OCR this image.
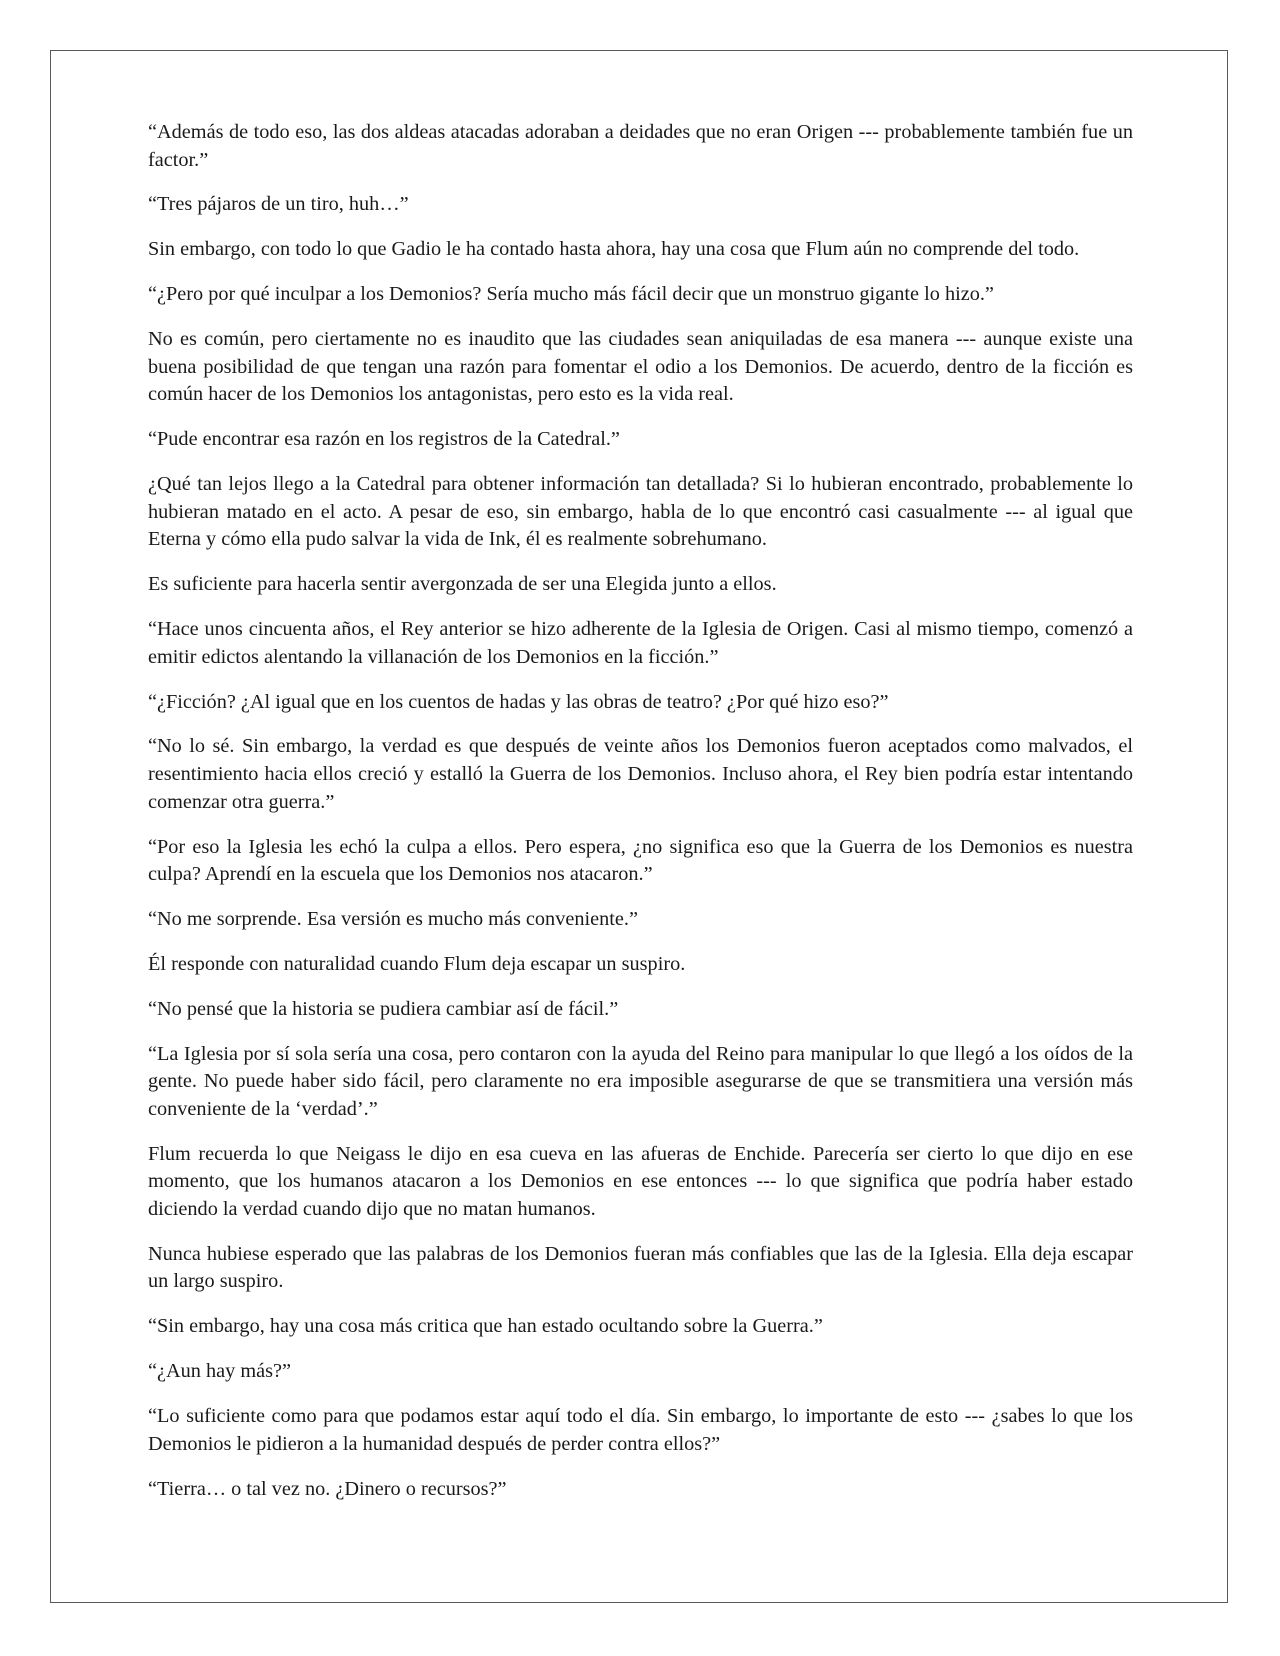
“Además de todo eso, las dos aldeas atacadas adoraban a deidades que no eran Origen --- probablemente también fue un factor.”

“Tres pájaros de un tiro, huh…”

Sin embargo, con todo lo que Gadio le ha contado hasta ahora, hay una cosa que Flum aún no comprende del todo.

“¿Pero por qué inculpar a los Demonios? Sería mucho más fácil decir que un monstruo gigante lo hizo.”

No es común, pero ciertamente no es inaudito que las ciudades sean aniquiladas de esa manera --- aunque existe una buena posibilidad de que tengan una razón para fomentar el odio a los Demonios. De acuerdo, dentro de la ficción es común hacer de los Demonios los antagonistas, pero esto es la vida real.

“Pude encontrar esa razón en los registros de la Catedral.”

¿Qué tan lejos llego a la Catedral para obtener información tan detallada? Si lo hubieran encontrado, probablemente lo hubieran matado en el acto. A pesar de eso, sin embargo, habla de lo que encontró casi casualmente --- al igual que Eterna y cómo ella pudo salvar la vida de Ink, él es realmente sobrehumano.

Es suficiente para hacerla sentir avergonzada de ser una Elegida junto a ellos.

“Hace unos cincuenta años, el Rey anterior se hizo adherente de la Iglesia de Origen. Casi al mismo tiempo, comenzó a emitir edictos alentando la villanación de los Demonios en la ficción.”

“¿Ficción? ¿Al igual que en los cuentos de hadas y las obras de teatro? ¿Por qué hizo eso?”

“No lo sé. Sin embargo, la verdad es que después de veinte años los Demonios fueron aceptados como malvados, el resentimiento hacia ellos creció y estalló la Guerra de los Demonios. Incluso ahora, el Rey bien podría estar intentando comenzar otra guerra.”

“Por eso la Iglesia les echó la culpa a ellos. Pero espera, ¿no significa eso que la Guerra de los Demonios es nuestra culpa? Aprendí en la escuela que los Demonios nos atacaron.”

“No me sorprende. Esa versión es mucho más conveniente.”

Él responde con naturalidad cuando Flum deja escapar un suspiro.

“No pensé que la historia se pudiera cambiar así de fácil.”

“La Iglesia por sí sola sería una cosa, pero contaron con la ayuda del Reino para manipular lo que llegó a los oídos de la gente. No puede haber sido fácil, pero claramente no era imposible asegurarse de que se transmitiera una versión más conveniente de la ‘verdad’.”

Flum recuerda lo que Neigass le dijo en esa cueva en las afueras de Enchide. Parecería ser cierto lo que dijo en ese momento, que los humanos atacaron a los Demonios en ese entonces --- lo que significa que podría haber estado diciendo la verdad cuando dijo que no matan humanos.

Nunca hubiese esperado que las palabras de los Demonios fueran más confiables que las de la Iglesia. Ella deja escapar un largo suspiro.

“Sin embargo, hay una cosa más critica que han estado ocultando sobre la Guerra.”

“¿Aun hay más?”

“Lo suficiente como para que podamos estar aquí todo el día. Sin embargo, lo importante de esto --- ¿sabes lo que los Demonios le pidieron a la humanidad después de perder contra ellos?”

“Tierra… o tal vez no. ¿Dinero o recursos?”
